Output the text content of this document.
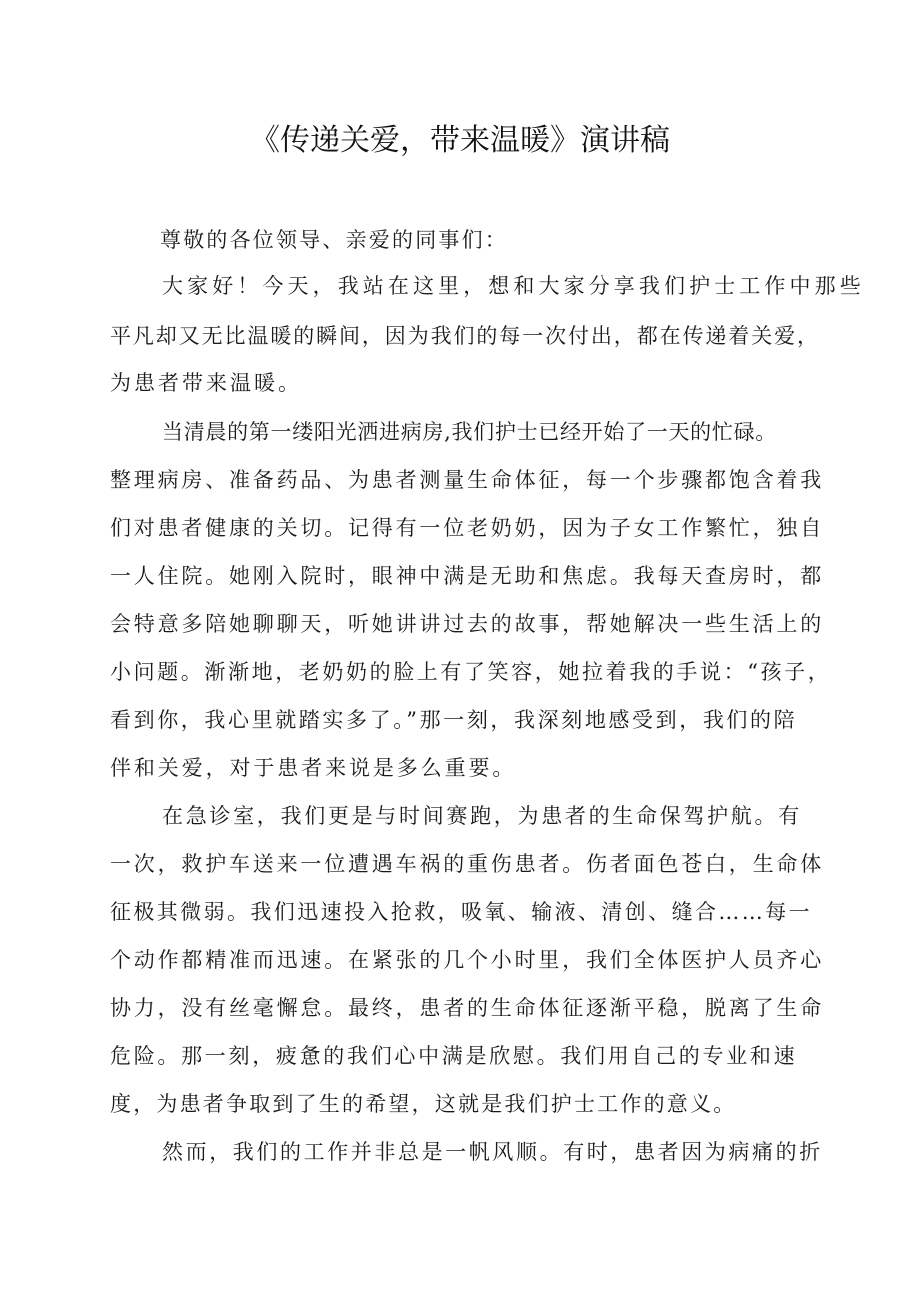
《传递关爱，带来温暖》演讲稿
尊敬的各位领导、亲爱的同事们：
大家好！今天，我站在这里，想和大家分享我们护士工作中那些
平凡却又无比温暖的瞬间，因为我们的每一次付出，都在传递着关爱，
为患者带来温暖。
当清晨的第一缕阳光洒进病房,我们护士已经开始了一天的忙碌。
整理病房、准备药品、为患者测量生命体征，每一个步骤都饱含着我
们对患者健康的关切。记得有一位老奶奶，因为子女工作繁忙，独自
一人住院。她刚入院时，眼神中满是无助和焦虑。我每天查房时，都
会特意多陪她聊聊天，听她讲讲过去的故事，帮她解决一些生活上的
小问题。渐渐地，老奶奶的脸上有了笑容，她拉着我的手说：“孩子，
看到你，我心里就踏实多了。”那一刻，我深刻地感受到，我们的陪
伴和关爱，对于患者来说是多么重要。
在急诊室，我们更是与时间赛跑，为患者的生命保驾护航。有
一次，救护车送来一位遭遇车祸的重伤患者。伤者面色苍白，生命体
征极其微弱。我们迅速投入抢救，吸氧、输液、清创、缝合……每一
个动作都精准而迅速。在紧张的几个小时里，我们全体医护人员齐心
协力，没有丝毫懈怠。最终，患者的生命体征逐渐平稳，脱离了生命
危险。那一刻，疲惫的我们心中满是欣慰。我们用自己的专业和速
度，为患者争取到了生的希望，这就是我们护士工作的意义。
然而，我们的工作并非总是一帆风顺。有时，患者因为病痛的折
